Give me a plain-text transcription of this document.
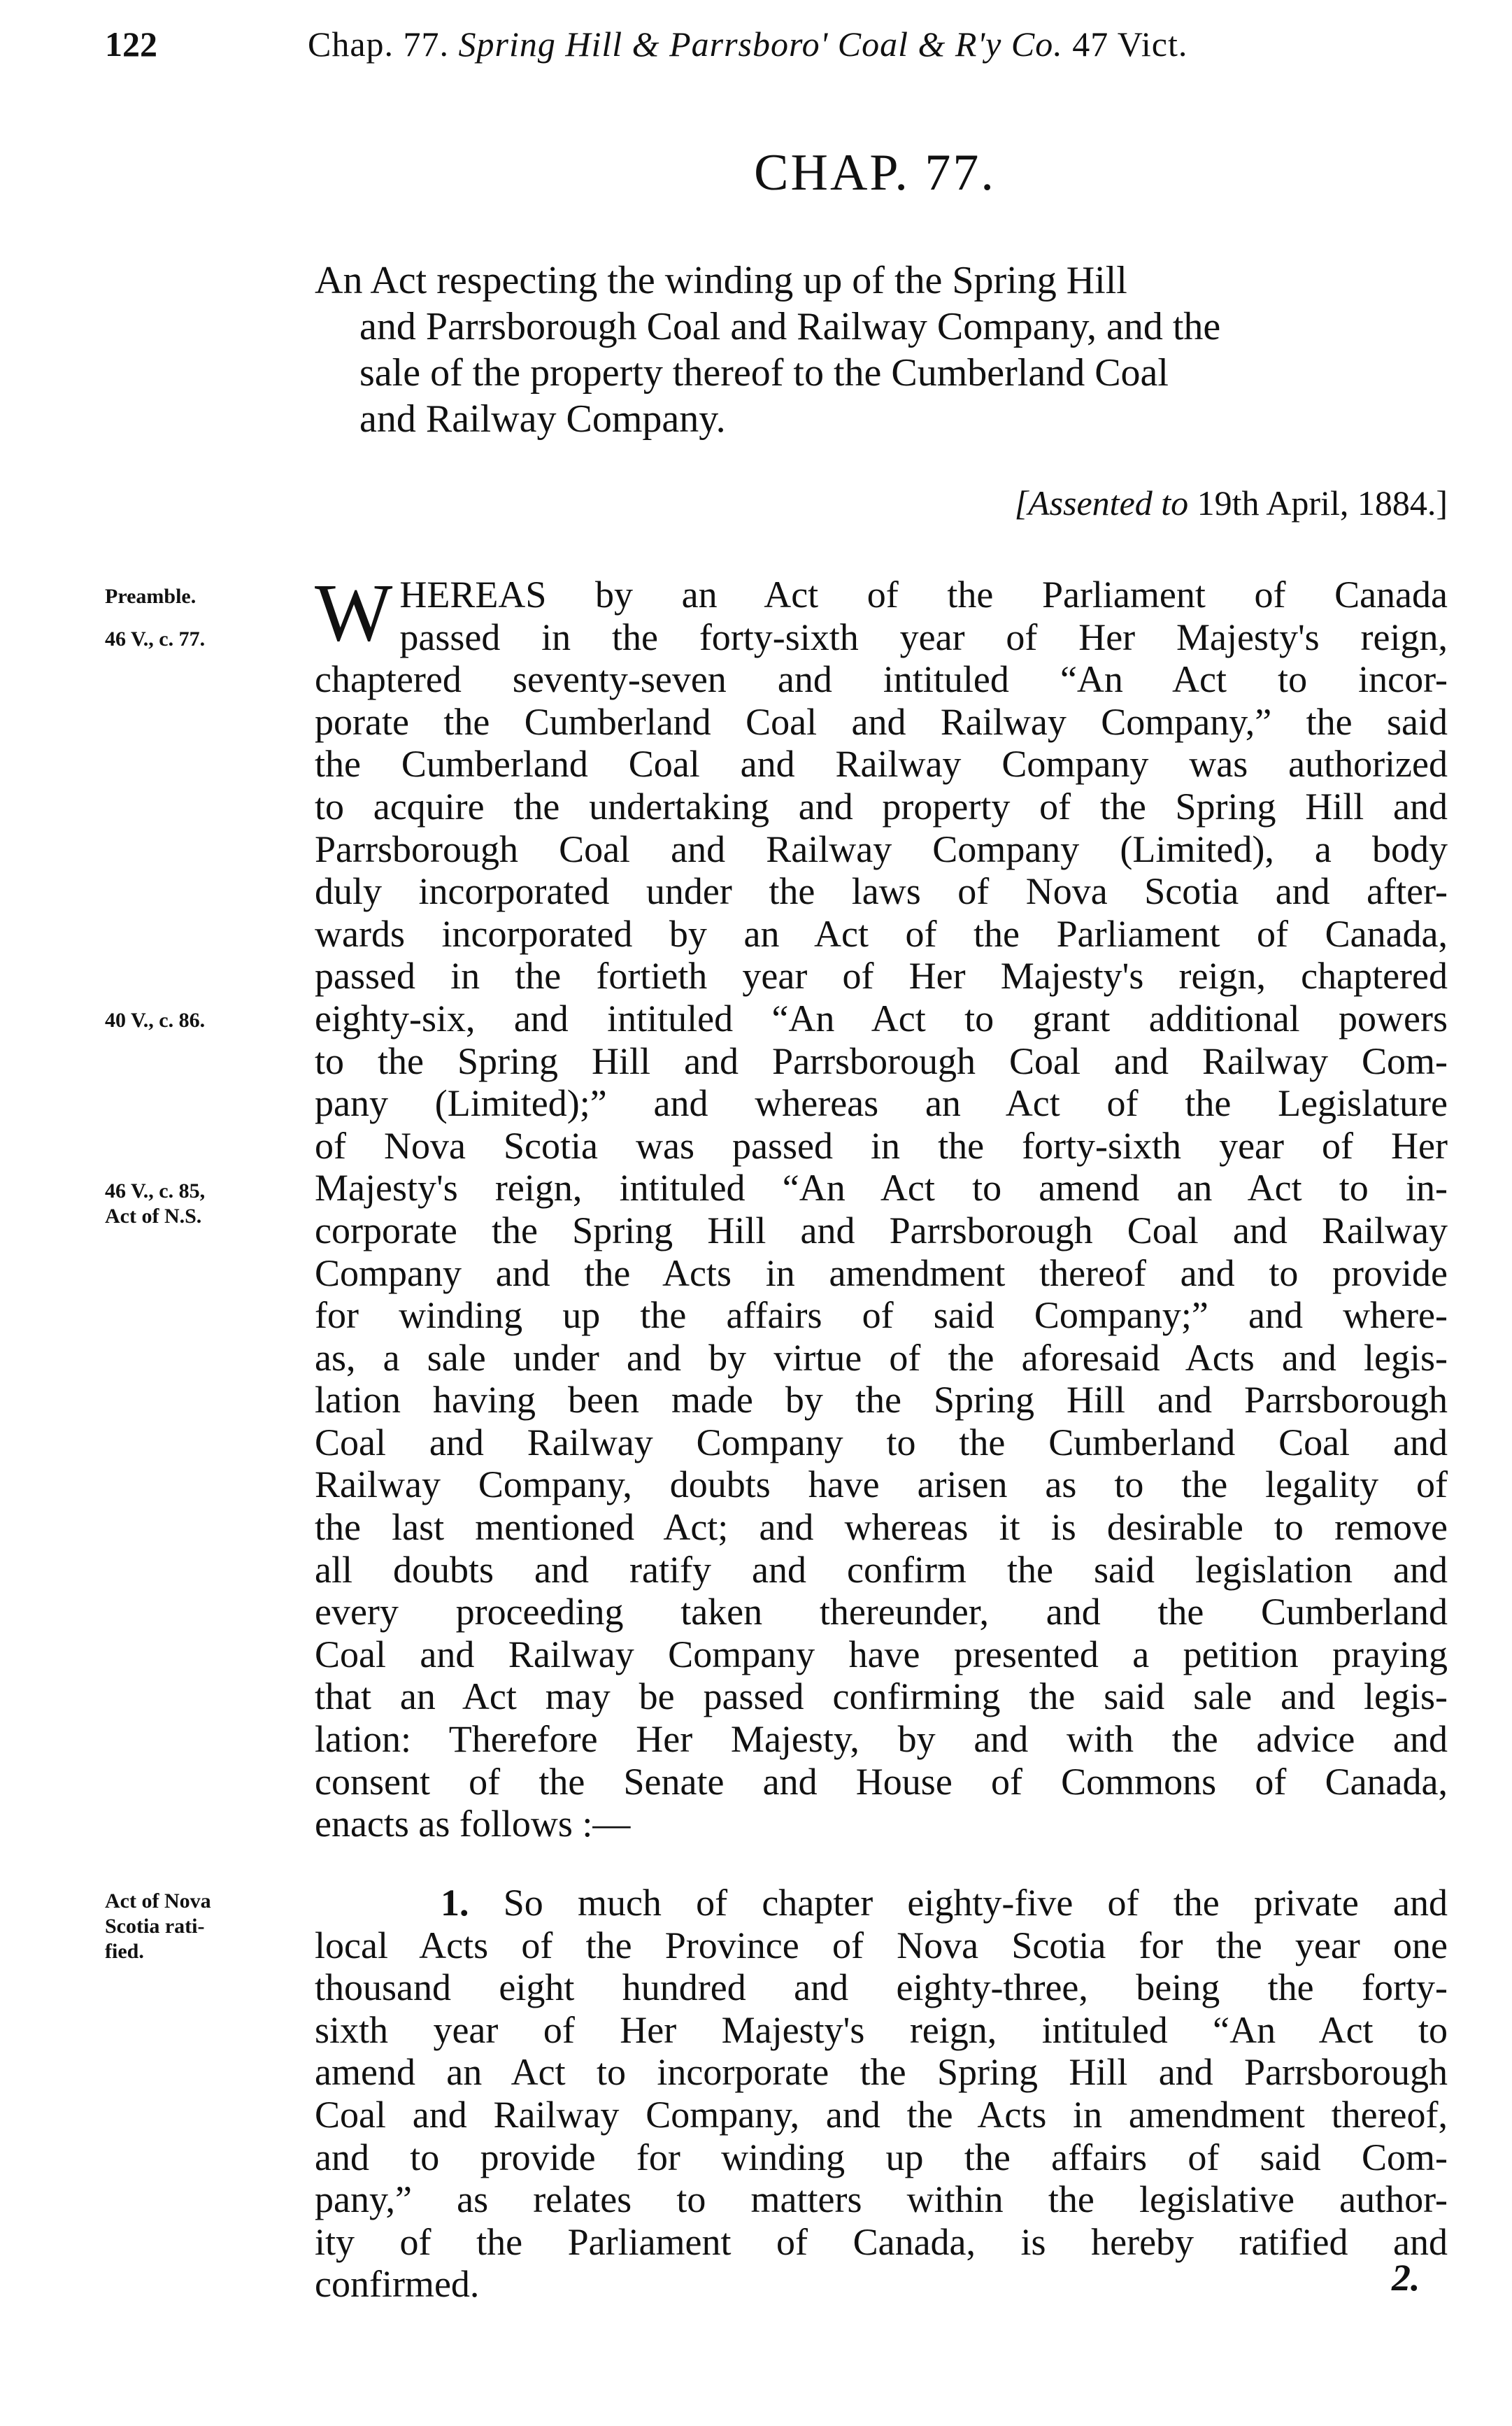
122	Chap. 77. Spring Hill & Parrsboro' Coal & R'y Co. 47 Vict.
CHAP. 77.
An Act respecting the winding up of the Spring Hill
and Parrsborough Coal and Railway Company, and the
sale of the property thereof to the Cumberland Coal
and Railway Company.
[Assented to 19th April, 1884.]
Preamble.
46 V., c. 77.
40 V., c. 86.
46 V., c. 85,
Act of N.S.
Act of Nova
Scotia rati-
fied.
W HEREAS by an Act of the Parliament of Canada
passed in the forty-sixth year of Her Majesty's reign,
chaptered seventy-seven and intituled “An Act to incor-
porate the Cumberland Coal and Railway Company,” the said
the Cumberland Coal and Railway Company was authorized
to acquire the undertaking and property of the Spring Hill and
Parrsborough Coal and Railway Company (Limited), a body
duly incorporated under the laws of Nova Scotia and after-
wards incorporated by an Act of the Parliament of Canada,
passed in the fortieth year of Her Majesty's reign, chaptered
eighty-six, and intituled “An Act to grant additional powers
to the Spring Hill and Parrsborough Coal and Railway Com-
pany (Limited);” and whereas an Act of the Legislature
of Nova Scotia was passed in the forty-sixth year of Her
Majesty's reign, intituled “An Act to amend an Act to in-
corporate the Spring Hill and Parrsborough Coal and Railway
Company and the Acts in amendment thereof and to provide
for winding up the affairs of said Company;” and where-
as, a sale under and by virtue of the aforesaid Acts and legis-
lation having been made by the Spring Hill and Parrsborough
Coal and Railway Company to the Cumberland Coal and
Railway Company, doubts have arisen as to the legality of
the last mentioned Act; and whereas it is desirable to remove
all doubts and ratify and confirm the said legislation and
every proceeding taken thereunder, and the Cumberland
Coal and Railway Company have presented a petition praying
that an Act may be passed confirming the said sale and legis-
lation: Therefore Her Majesty, by and with the advice and
consent of the Senate and House of Commons of Canada,
enacts as follows :—
1. So much of chapter eighty-five of the private and
local Acts of the Province of Nova Scotia for the year one
thousand eight hundred and eighty-three, being the forty-
sixth year of Her Majesty's reign, intituled “An Act to
amend an Act to incorporate the Spring Hill and Parrsborough
Coal and Railway Company, and the Acts in amendment thereof,
and to provide for winding up the affairs of said Com-
pany,” as relates to matters within the legislative author-
ity of the Parliament of Canada, is hereby ratified and
confirmed.	2.
